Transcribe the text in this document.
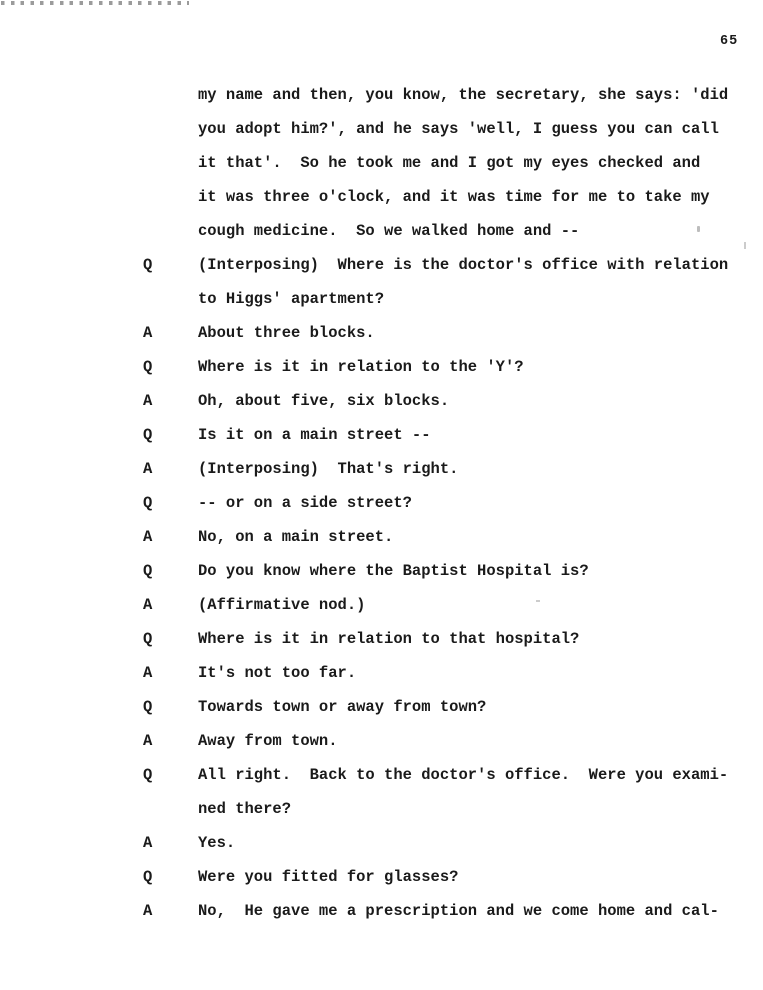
65
my name and then, you know, the secretary, she says: 'did
you adopt him?', and he says 'well, I guess you can call
it that'.  So he took me and I got my eyes checked and
it was three o'clock, and it was time for me to take my
cough medicine.  So we walked home and --
Q	(Interposing)  Where is the doctor's office with relation
to Higgs' apartment?
A	About three blocks.
Q	Where is it in relation to the 'Y'?
A	Oh, about five, six blocks.
Q	Is it on a main street --
A	(Interposing)  That's right.
Q	-- or on a side street?
A	No, on a main street.
Q	Do you know where the Baptist Hospital is?
A	(Affirmative nod.)
Q	Where is it in relation to that hospital?
A	It's not too far.
Q	Towards town or away from town?
A	Away from town.
Q	All right.  Back to the doctor's office.  Were you exami-
ned there?
A	Yes.
Q	Were you fitted for glasses?
A	No,  He gave me a prescription and we come home and cal-
